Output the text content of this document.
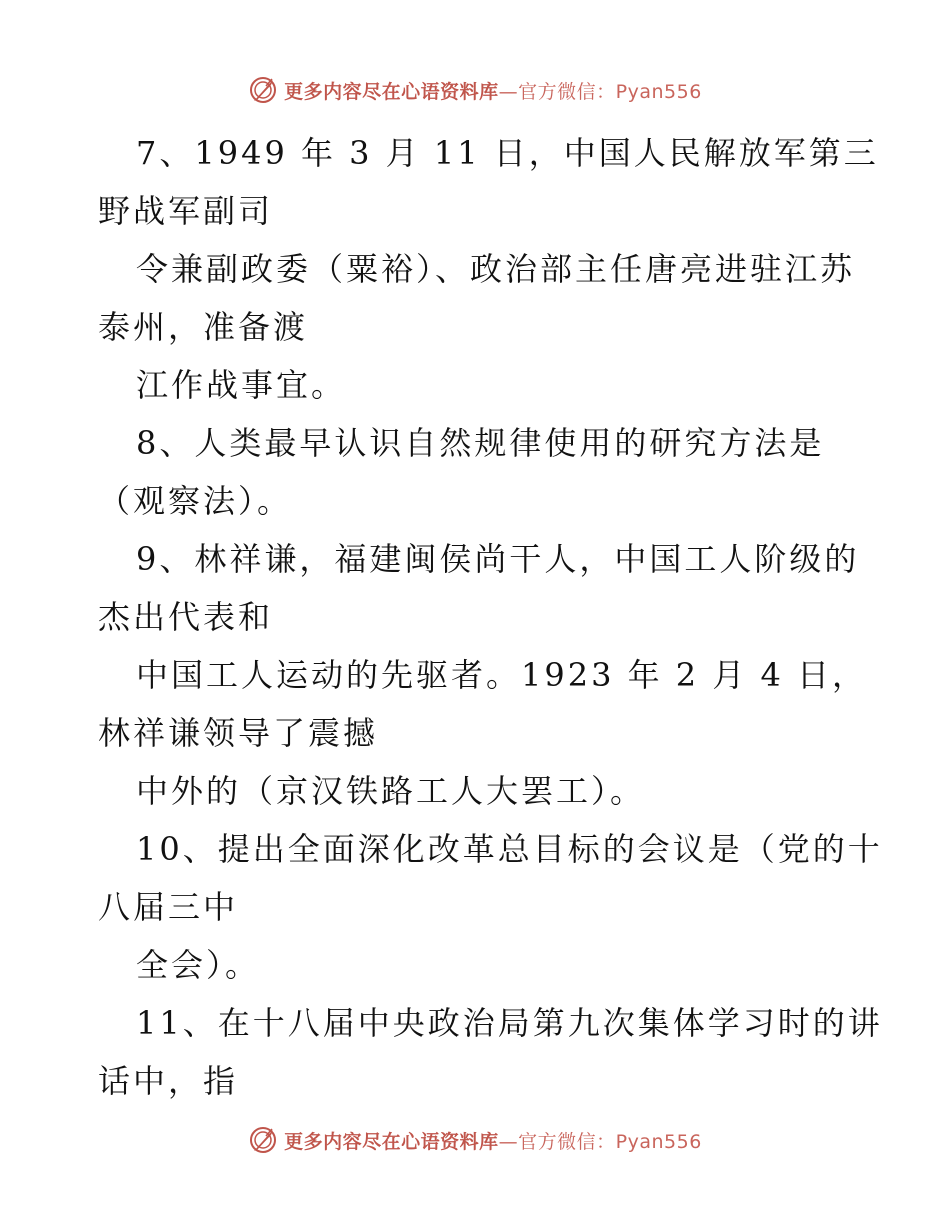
更多内容尽在心语资料库—官方微信：Pyan556
7、1949 年 3 月 11 日，中国人民解放军第三
野战军副司
令兼副政委（粟裕）、政治部主任唐亮进驻江苏
泰州，准备渡
江作战事宜。
8、人类最早认识自然规律使用的研究方法是
（观察法）。
9、林祥谦，福建闽侯尚干人，中国工人阶级的
杰出代表和
中国工人运动的先驱者。1923 年 2 月 4 日，
林祥谦领导了震撼
中外的（京汉铁路工人大罢工）。
10、提出全面深化改革总目标的会议是（党的十
八届三中
全会）。
11、在十八届中央政治局第九次集体学习时的讲
话中，指
更多内容尽在心语资料库—官方微信：Pyan556
